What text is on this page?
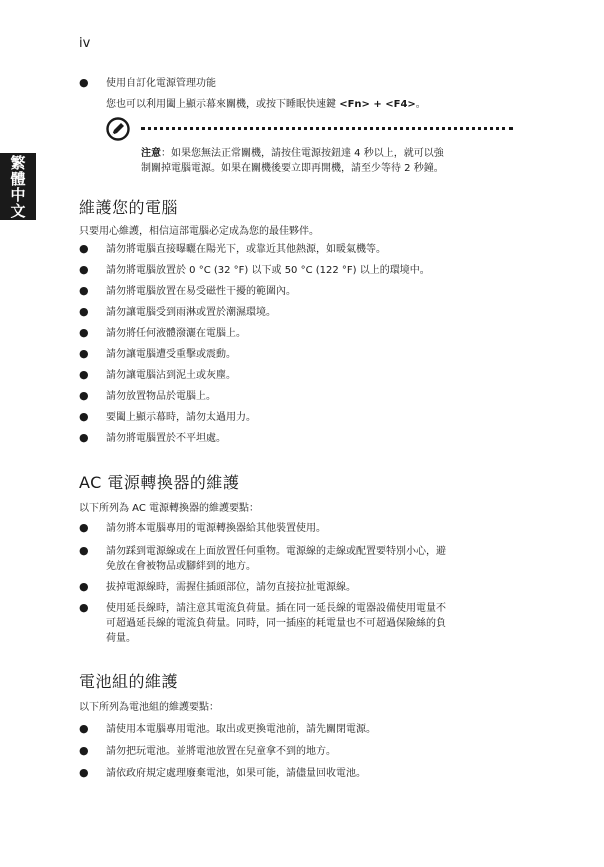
iv
繁
體
中
文
● 使用自訂化電源管理功能
您也可以利用闔上顯示幕來關機，或按下睡眠快速鍵 <Fn> + <F4>。
注意：如果您無法正常關機，請按住電源按鈕達 4 秒以上，就可以強
制關掉電腦電源。如果在關機後要立即再開機，請至少等待 2 秒鐘。
維護您的電腦
只要用心維護，相信這部電腦必定成為您的最佳夥伴。
● 請勿將電腦直接曝曬在陽光下，或靠近其他熱源，如暖氣機等。
● 請勿將電腦放置於 0 °C (32 °F) 以下或 50 °C (122 °F) 以上的環境中。
● 請勿將電腦放置在易受磁性干擾的範圍內。
● 請勿讓電腦受到雨淋或置於潮濕環境。
● 請勿將任何液體潑灑在電腦上。
● 請勿讓電腦遭受重擊或震動。
● 請勿讓電腦沾到泥土或灰塵。
● 請勿放置物品於電腦上。
● 要闔上顯示幕時，請勿太過用力。
● 請勿將電腦置於不平坦處。
AC 電源轉換器的維護
以下所列為 AC 電源轉換器的維護要點：
● 請勿將本電腦專用的電源轉換器給其他裝置使用。
● 請勿踩到電源線或在上面放置任何重物。電源線的走線或配置要特別小心，避
免放在會被物品或腳絆到的地方。
● 拔掉電源線時，需握住插頭部位，請勿直接拉扯電源線。
● 使用延長線時，請注意其電流負荷量。插在同一延長線的電器設備使用電量不
可超過延長線的電流負荷量。同時，同一插座的耗電量也不可超過保險絲的負
荷量。
電池組的維護
以下所列為電池組的維護要點：
● 請使用本電腦專用電池。取出或更換電池前，請先關閉電源。
● 請勿把玩電池。並將電池放置在兒童拿不到的地方。
● 請依政府規定處理廢棄電池，如果可能，請儘量回收電池。
